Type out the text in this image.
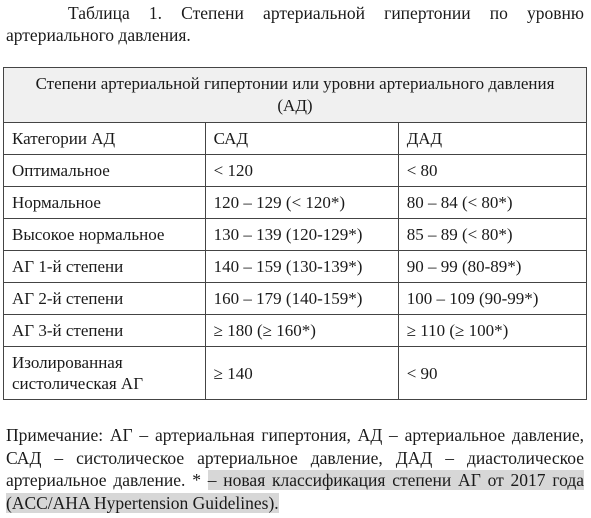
Таблица 1. Степени артериальной гипертонии по уровню артериального давления.
Степени артериальной гипертонии или уровни артериального давления (АД)		
Категории АД	САД	ДАД
Оптимальное	< 120	< 80
Нормальное	120 – 129 (< 120*)	80 – 84 (< 80*)
Высокое нормальное	130 – 139 (120-129*)	85 – 89 (< 80*)
АГ 1-й степени	140 – 159 (130-139*)	90 – 99 (80-89*)
АГ 2-й степени	160 – 179 (140-159*)	100 – 109 (90-99*)
АГ 3-й степени	≥ 180 (≥ 160*)	≥ 110 (≥ 100*)
Изолированная систолическая АГ	≥ 140	< 90
Примечание: АГ – артериальная гипертония, АД – артериальное давление, САД – систолическое артериальное давление, ДАД – диастолическое артериальное давление. * – новая классификация степени АГ от 2017 года (ACC/AHA Hypertension Guidelines).
